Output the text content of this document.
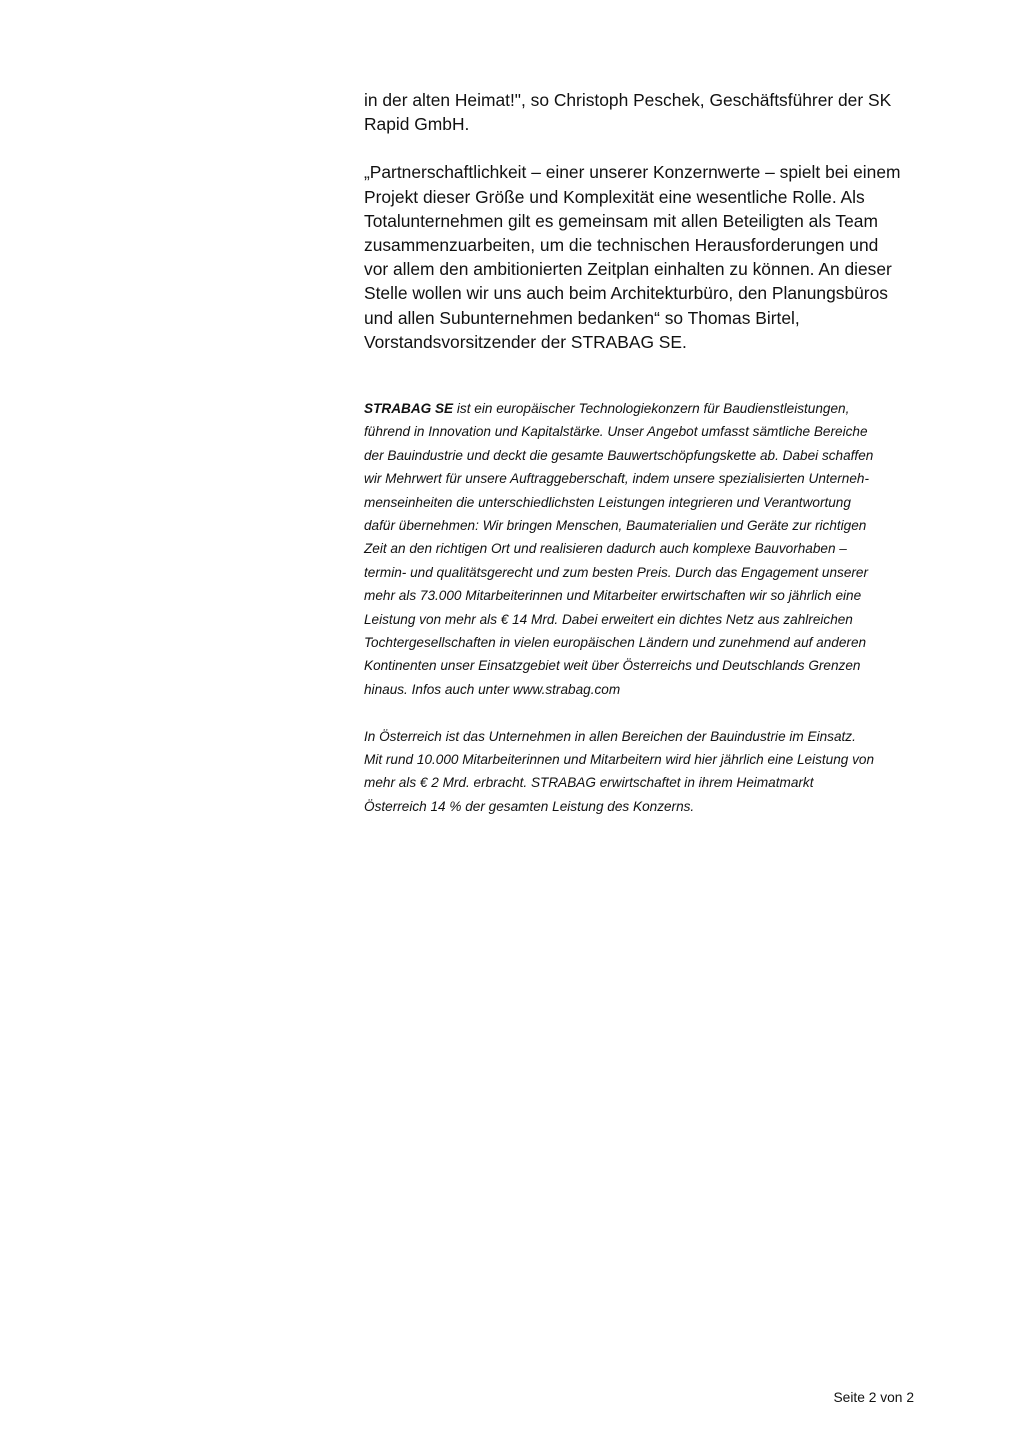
in der alten Heimat!", so Christoph Peschek, Geschäftsführer der SK
Rapid GmbH.
„Partnerschaftlichkeit – einer unserer Konzernwerte – spielt bei einem
Projekt dieser Größe und Komplexität eine wesentliche Rolle. Als
Totalunternehmen gilt es gemeinsam mit allen Beteiligten als Team
zusammenzuarbeiten, um die technischen Herausforderungen und
vor allem den ambitionierten Zeitplan einhalten zu können. An dieser
Stelle wollen wir uns auch beim Architekturbüro, den Planungsbüros
und allen Subunternehmen bedanken“ so Thomas Birtel,
Vorstandsvorsitzender der STRABAG SE.
STRABAG SE ist ein europäischer Technologiekonzern für Baudienstleistungen,
führend in Innovation und Kapitalstärke. Unser Angebot umfasst sämtliche Bereiche
der Bauindustrie und deckt die gesamte Bauwertschöpfungskette ab. Dabei schaffen
wir Mehrwert für unsere Auftraggeberschaft, indem unsere spezialisierten Unterneh-
menseinheiten die unterschiedlichsten Leistungen integrieren und Verantwortung
dafür übernehmen: Wir bringen Menschen, Baumaterialien und Geräte zur richtigen
Zeit an den richtigen Ort und realisieren dadurch auch komplexe Bauvorhaben –
termin- und qualitätsgerecht und zum besten Preis. Durch das Engagement unserer
mehr als 73.000 Mitarbeiterinnen und Mitarbeiter erwirtschaften wir so jährlich eine
Leistung von mehr als € 14 Mrd. Dabei erweitert ein dichtes Netz aus zahlreichen
Tochtergesellschaften in vielen europäischen Ländern und zunehmend auf anderen
Kontinenten unser Einsatzgebiet weit über Österreichs und Deutschlands Grenzen
hinaus. Infos auch unter www.strabag.com
In Österreich ist das Unternehmen in allen Bereichen der Bauindustrie im Einsatz.
Mit rund 10.000 Mitarbeiterinnen und Mitarbeitern wird hier jährlich eine Leistung von
mehr als € 2 Mrd. erbracht. STRABAG erwirtschaftet in ihrem Heimatmarkt
Österreich 14 % der gesamten Leistung des Konzerns.
Seite 2 von 2
